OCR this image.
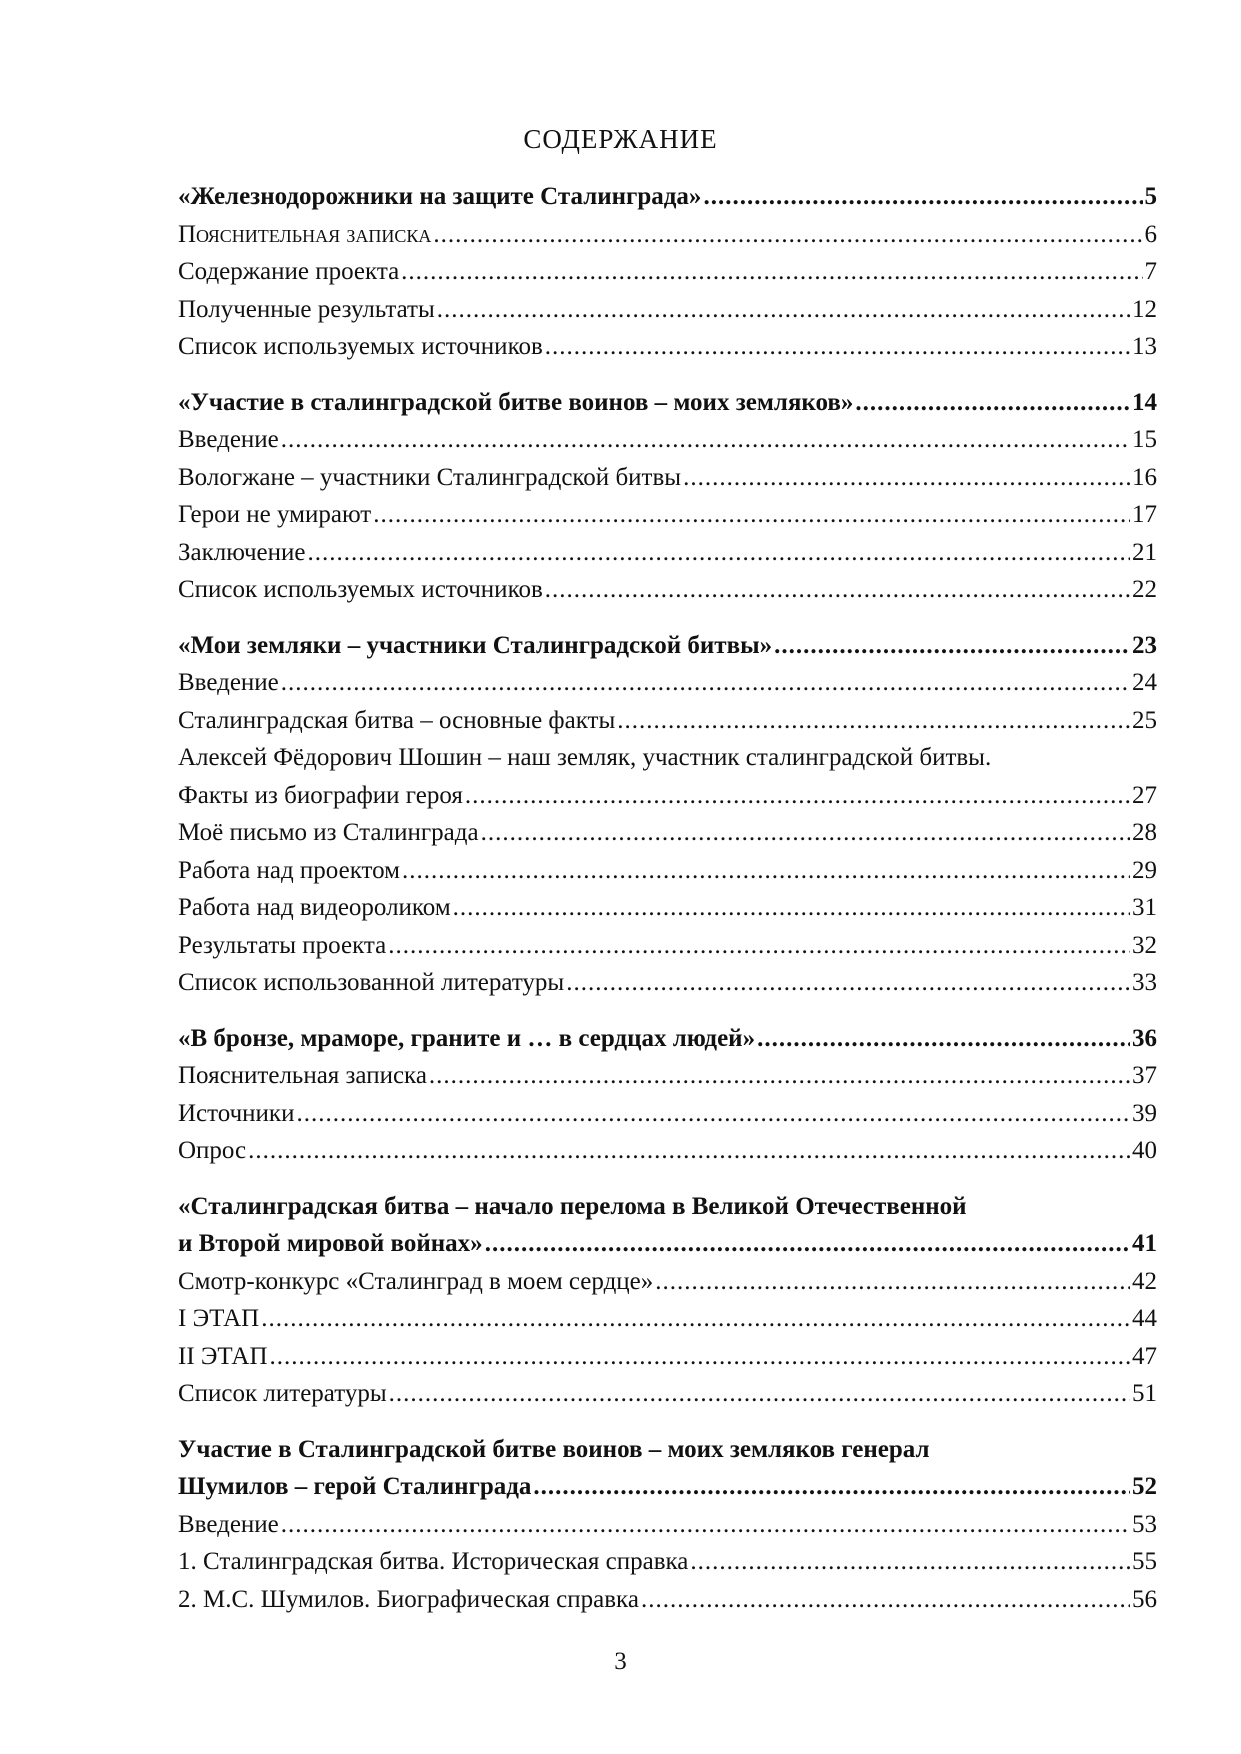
СОДЕРЖАНИЕ
«Железнодорожники на защите Сталинграда» .....	5
Пояснительная записка .....	6
Содержание проекта .....	7
Полученные результаты .....	12
Список используемых источников .....	13
«Участие в сталинградской битве воинов – моих земляков» .....	14
Введение .....	15
Вологжане – участники Сталинградской битвы .....	16
Герои не умирают .....	17
Заключение .....	21
Список используемых источников .....	22
«Мои земляки – участники Сталинградской битвы» .....	23
Введение .....	24
Сталинградская битва – основные факты .....	25
Алексей Фёдорович Шошин – наш земляк, участник сталинградской битвы.
Факты из биографии героя .....	27
Моё письмо из Сталинграда .....	28
Работа над проектом .....	29
Работа над видеороликом .....	31
Результаты проекта .....	32
Список использованной литературы .....	33
«В бронзе, мраморе, граните и … в сердцах людей» .....	36
Пояснительная записка .....	37
Источники .....	39
Опрос .....	40
«Сталинградская битва – начало перелома в Великой Отечественной
и Второй мировой войнах» .....	41
Смотр-конкурс «Сталинград в моем сердце» .....	42
I ЭТАП .....	44
II ЭТАП .....	47
Список литературы .....	51
Участие в Сталинградской битве воинов – моих земляков генерал
Шумилов – герой Сталинграда .....	52
Введение .....	53
1. Сталинградская битва. Историческая справка .....	55
2. М.С. Шумилов. Биографическая справка .....	56
3
